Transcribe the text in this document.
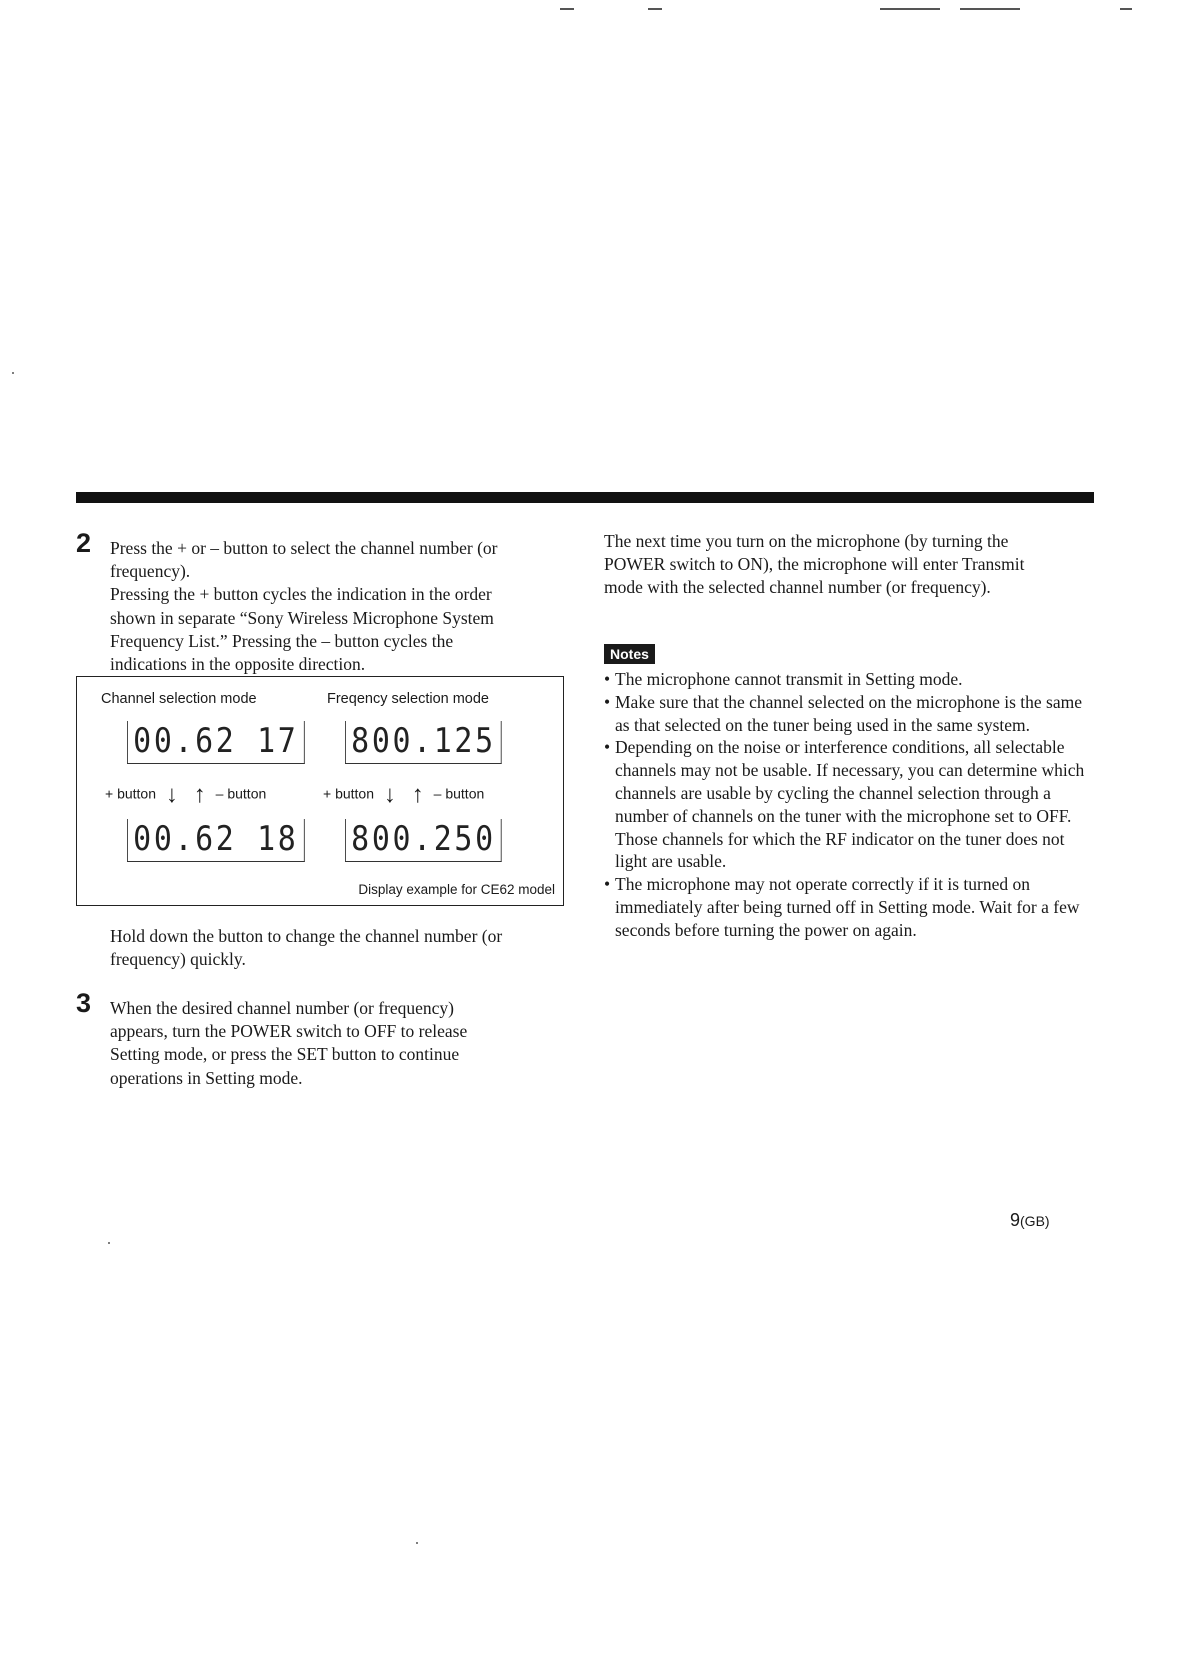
2 Press the + or – button to select the channel number (or

frequency).

Pressing the + button cycles the indication in the order

shown in separate “Sony Wireless Microphone System

Frequency List.” Pressing the – button cycles the

indications in the opposite direction.

Channel selection mode	Freqency selection mode
00.62 17 800.125
+ button ↓ ↑ – button	+ button ↓ ↑ – button
00.62 18 800.250
Display example for CE62 model

Hold down the button to change the channel number (or

frequency) quickly.

3 When the desired channel number (or frequency)

appears, turn the POWER switch to OFF to release

Setting mode, or press the SET button to continue

operations in Setting mode.

The next time you turn on the microphone (by turning the

POWER switch to ON), the microphone will enter Transmit

mode with the selected channel number (or frequency).

Notes
• The microphone cannot transmit in Setting mode.
• Make sure that the channel selected on the microphone is the same as that selected on the tuner being used in the same system.
• Depending on the noise or interference conditions, all selectable channels may not be usable. If necessary, you can determine which channels are usable by cycling the channel selection through a number of channels on the tuner with the microphone set to OFF. Those channels for which the RF indicator on the tuner does not light are usable.
• The microphone may not operate correctly if it is turned on immediately after being turned off in Setting mode. Wait for a few seconds before turning the power on again.
9(GB)
